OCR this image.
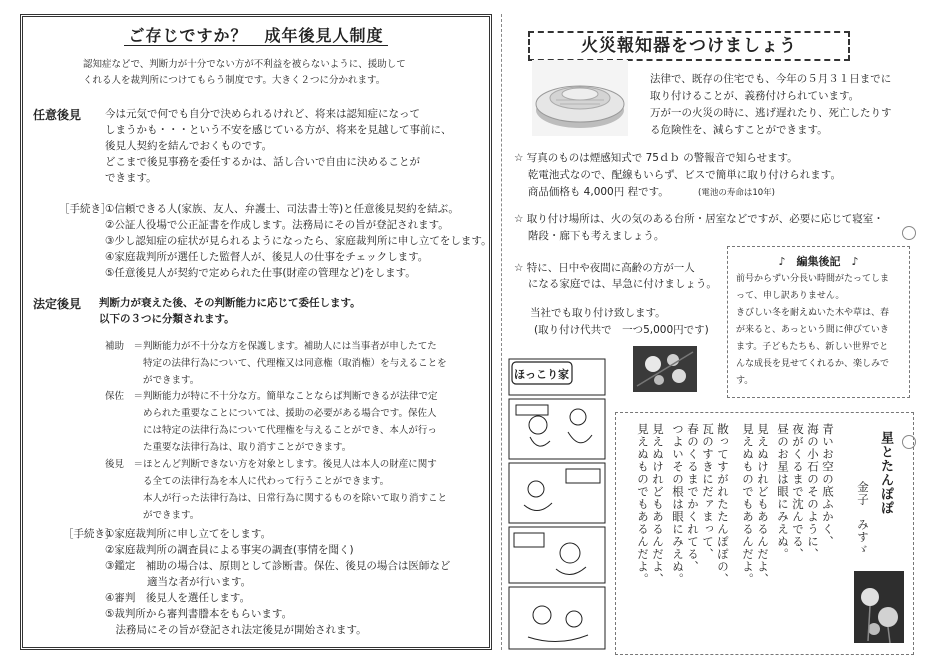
ご存じですか？　成年後見人制度
認知症などで、判断力が十分でない方が不利益を被らないように、援助して
くれる人を裁判所につけてもらう制度です。大きく２つに分かれます。
任意後見 今は元気で何でも自分で決められるけれど、将来は認知症になって
しまうかも・・・という不安を感じている方が、将来を見越して事前に、
後見人契約を結んでおくものです。
どこまで後見事務を委任するかは、話し合いで自由に決めることが
できます。
［手続き］
①信頼できる人(家族、友人、弁護士、司法書士等)と任意後見契約を結ぶ。
②公証人役場で公正証書を作成します。法務局にその旨が登記されます。
③少し認知症の症状が見られるようになったら、家庭裁判所に申し立てをします。
④家庭裁判所が選任した監督人が、後見人の仕事をチェックします。
⑤任意後見人が契約で定められた仕事(財産の管理など)をします。
法定後見 判断力が衰えた後、その判断能力に応じて委任します。
以下の３つに分類されます。
補助　＝判断能力が不十分な方を保護します。補助人には当事者が申したてた
　　　　特定の法律行為について、代理権又は同意権（取消権）を与えることを
　　　　ができます。
保佐　＝判断能力が特に不十分な方。簡単なことならば判断できるが法律で定
　　　　められた重要なことについては、援助の必要がある場合です。保佐人
　　　　には特定の法律行為について代理権を与えることができ、本人が行っ
　　　　た重要な法律行為は、取り消すことができます。
後見　＝ほとんど判断できない方を対象とします。後見人は本人の財産に関す
　　　　る全ての法律行為を本人に代わって行うことができます。
　　　　本人が行った法律行為は、日常行為に関するものを除いて取り消すこと
　　　　ができます。
［手続き］
①家庭裁判所に申し立てをします。
②家庭裁判所の調査員による事実の調査(事情を聞く)
③鑑定　補助の場合は、原則として診断書。保佐、後見の場合は医師など
　　　　適当な者が行います。
④審判　後見人を選任します。
⑤裁判所から審判書謄本をもらいます。
　法務局にその旨が登記され法定後見が開始されます。
火災報知器をつけましょう
法律で、既存の住宅でも、今年の５月３１日までに
取り付けることが、義務付けられています。
万が一の火災の時に、逃げ遅れたり、死亡したりす
る危険性を、減らすことができます。
☆ 写真のものは煙感知式で 75ｄｂ の警報音で知らせます。
　 乾電池式なので、配線もいらず、ビスで簡単に取り付けられます。
　 商品価格も 4,000円 程です。	(電池の寿命は10年)
☆ 取り付け場所は、火の気のある台所・居室などですが、必要に応じて寝室・
　 階段・廊下も考えましょう。
☆ 特に、日中や夜間に高齢の方が一人
　 になる家庭では、早急に付けましょう。
当社でも取り付け致します。
(取り付け代共で　一つ5,000円です)
♪　編集後記　♪
前号からずい分長い時間がたってしま
って、申し訳ありません。
きびしい冬を耐えぬいた木や草は、春
が来ると、あっという間に伸びていき
ます。子どもたちも、新しい世界でと
んな成長を見せてくれるか、楽しみで
す。
ほっこり家
星とたんぽぽ
金子　みすゞ
青いお空の底ふかく、
海の小石のそのように、
夜がくるまで沈んでる、
昼のお星は眼にみえぬ。
見えぬけれどもあるんだよ、
見えぬものでもあるんだよ。
散ってすがれたたんぽぽの、
瓦のすきにだァまって、
春のくるまでかくれてる、
つよいその根は眼にみえぬ。
見えぬけれどもあるんだよ、
見えぬものでもあるんだよ。
